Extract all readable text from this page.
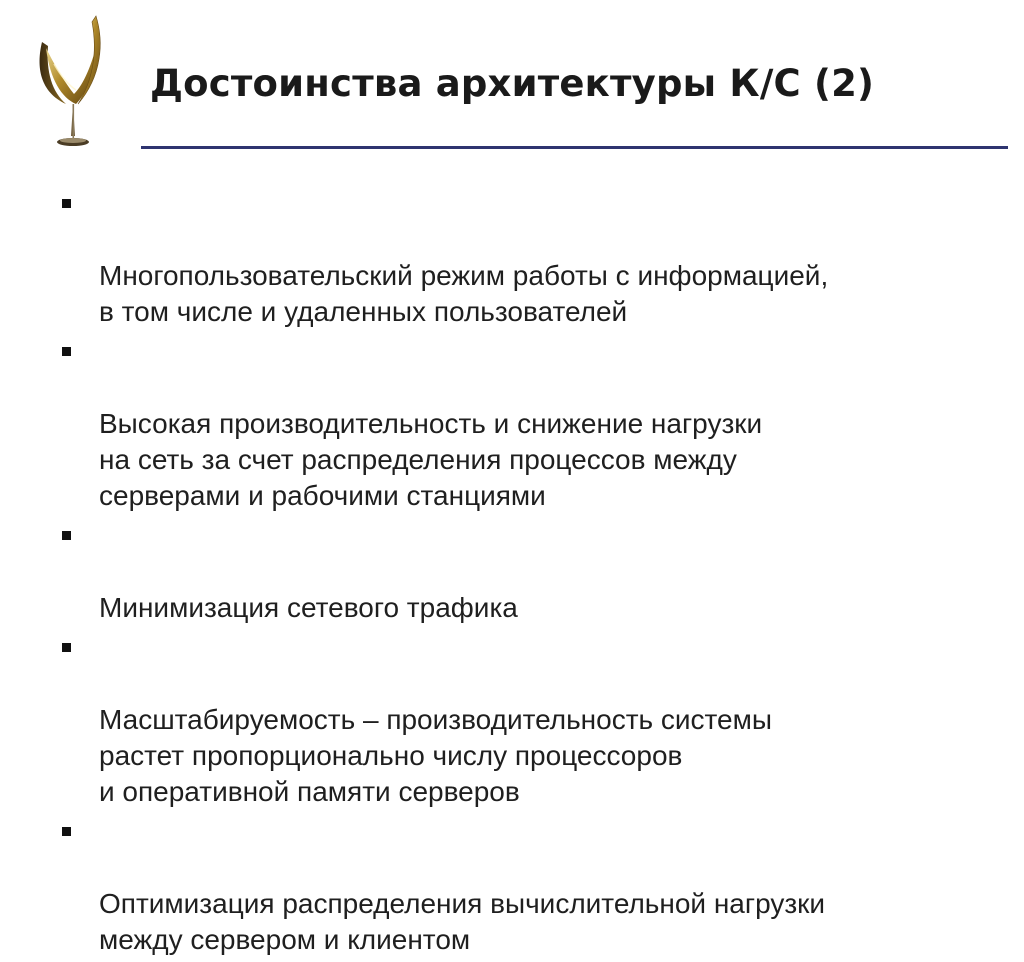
Достоинства архитектуры К/С (2)

Многопользовательский режим работы с информацией,
в том числе и удаленных пользователей

Высокая производительность и снижение нагрузки
на сеть за счет распределения процессов между
серверами и рабочими станциями

Минимизация сетевого трафика

Масштабируемость – производительность системы
растет пропорционально числу процессоров
и оперативной памяти серверов

Оптимизация распределения вычислительной нагрузки
между сервером и клиентом
